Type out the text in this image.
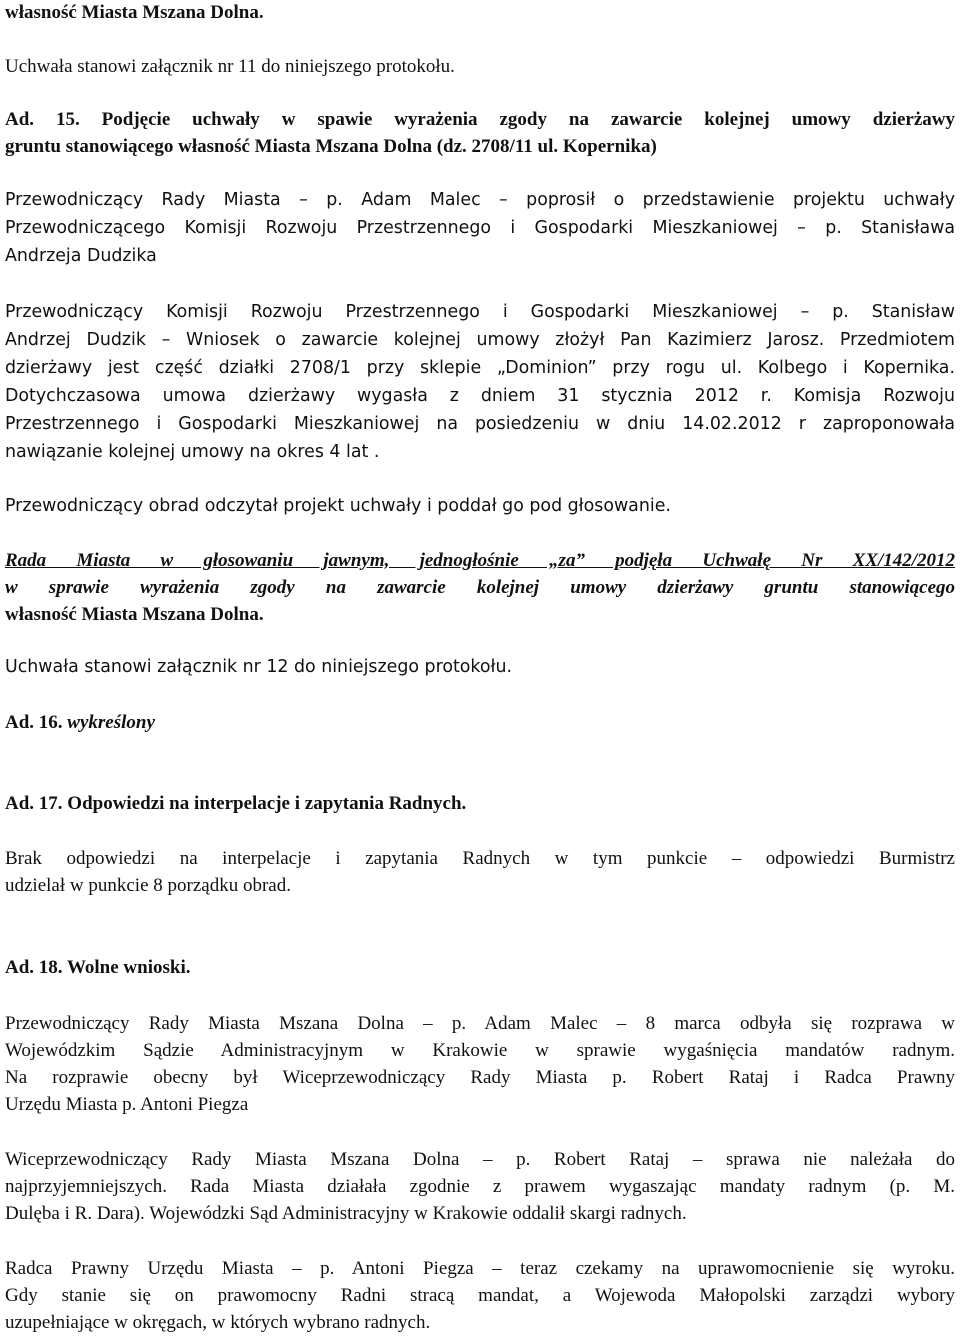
własność Miasta Mszana Dolna.
Uchwała stanowi załącznik nr 11 do niniejszego protokołu.
Ad. 15. Podjęcie uchwały w spawie wyrażenia zgody na zawarcie kolejnej umowy dzierżawy
gruntu stanowiącego własność Miasta Mszana Dolna (dz. 2708/11 ul. Kopernika)
Przewodniczący Rady Miasta – p. Adam Malec – poprosił o przedstawienie projektu uchwały
Przewodniczącego Komisji Rozwoju Przestrzennego i Gospodarki Mieszkaniowej – p. Stanisława
Andrzeja Dudzika
Przewodniczący Komisji Rozwoju Przestrzennego i Gospodarki Mieszkaniowej – p. Stanisław
Andrzej Dudzik – Wniosek o zawarcie kolejnej umowy złożył Pan Kazimierz Jarosz. Przedmiotem
dzierżawy jest część działki 2708/1 przy sklepie „Dominion” przy rogu ul. Kolbego i Kopernika.
Dotychczasowa umowa dzierżawy wygasła z dniem 31 stycznia 2012 r. Komisja Rozwoju
Przestrzennego i Gospodarki Mieszkaniowej na posiedzeniu w dniu 14.02.2012 r zaproponowała
nawiązanie kolejnej umowy na okres 4 lat .
Przewodniczący obrad odczytał projekt uchwały i poddał go pod głosowanie.
Rada Miasta w głosowaniu jawnym, jednogłośnie „za” podjęła Uchwałę Nr XX/142/2012
w sprawie wyrażenia zgody na zawarcie kolejnej umowy dzierżawy gruntu stanowiącego
własność Miasta Mszana Dolna.
Uchwała stanowi załącznik nr 12 do niniejszego protokołu.
Ad. 16. wykreślony
Ad. 17. Odpowiedzi na interpelacje i zapytania Radnych.
Brak odpowiedzi na interpelacje i zapytania Radnych w tym punkcie – odpowiedzi Burmistrz
udzielał w punkcie 8 porządku obrad.
Ad. 18. Wolne wnioski.
Przewodniczący Rady Miasta Mszana Dolna – p. Adam Malec – 8 marca odbyła się rozprawa w
Wojewódzkim Sądzie Administracyjnym w Krakowie w sprawie wygaśnięcia mandatów radnym.
Na rozprawie obecny był Wiceprzewodniczący Rady Miasta p. Robert Rataj i Radca Prawny
Urzędu Miasta p. Antoni Piegza
Wiceprzewodniczący Rady Miasta Mszana Dolna – p. Robert Rataj – sprawa nie należała do
najprzyjemniejszych. Rada Miasta działała zgodnie z prawem wygaszając mandaty radnym (p. M.
Dulęba i R. Dara). Wojewódzki Sąd Administracyjny w Krakowie oddalił skargi radnych.
Radca Prawny Urzędu Miasta – p. Antoni Piegza – teraz czekamy na uprawomocnienie się wyroku.
Gdy stanie się on prawomocny Radni stracą mandat, a Wojewoda Małopolski zarządzi wybory
uzupełniające w okręgach, w których wybrano radnych.
